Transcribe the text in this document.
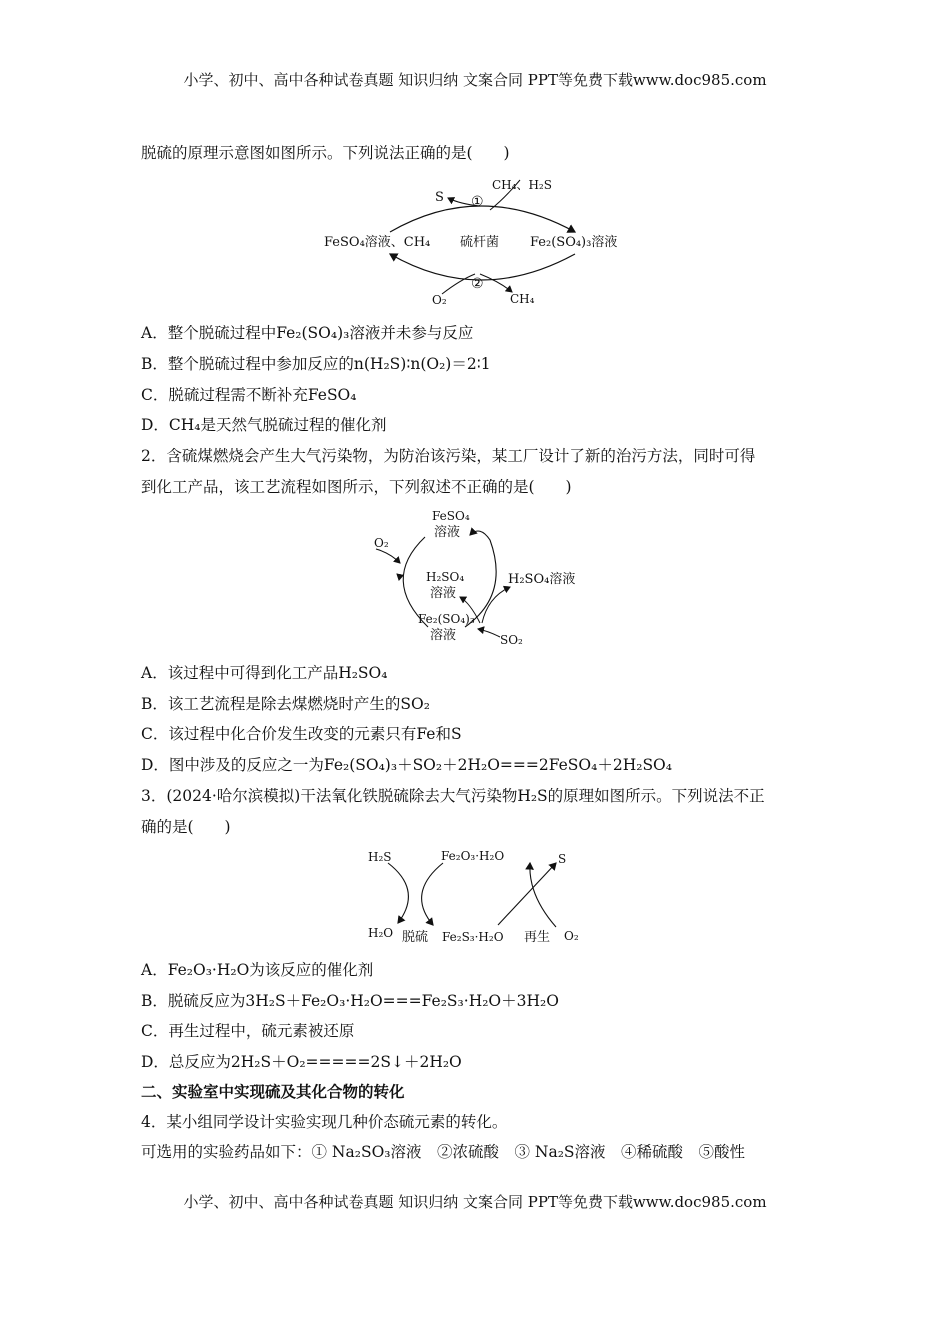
小学、初中、高中各种试卷真题 知识归纳 文案合同 PPT等免费下载www.doc985.com
脱硫的原理示意图如图所示。下列说法正确的是(　　)
S
CH₄、H₂S
①
FeSO₄溶液、CH₄ 硫杆菌 Fe₂(SO₄)₃溶液
②
O₂	CH₄
A．整个脱硫过程中Fe₂(SO₄)₃溶液并未参与反应
B．整个脱硫过程中参加反应的n(H₂S)∶n(O₂)＝2∶1
C．脱硫过程需不断补充FeSO₄
D．CH₄是天然气脱硫过程的催化剂
2．含硫煤燃烧会产生大气污染物，为防治该污染，某工厂设计了新的治污方法，同时可得
到化工产品，该工艺流程如图所示，下列叙述不正确的是(　　)
FeSO₄
溶液
O₂
H₂SO₄
溶液
H₂SO₄溶液
Fe₂(SO₄)₃
溶液	SO₂
A．该过程中可得到化工产品H₂SO₄
B．该工艺流程是除去煤燃烧时产生的SO₂
C．该过程中化合价发生改变的元素只有Fe和S
D．图中涉及的反应之一为Fe₂(SO₄)₃＋SO₂＋2H₂O===2FeSO₄＋2H₂SO₄
3．(2024·哈尔滨模拟)干法氧化铁脱硫除去大气污染物H₂S的原理如图所示。下列说法不正
确的是(　　)
H₂S	Fe₂O₃·H₂O	S
H₂O 脱硫 Fe₂S₃·H₂O 再生 O₂
A．Fe₂O₃·H₂O为该反应的催化剂
B．脱硫反应为3H₂S＋Fe₂O₃·H₂O===Fe₂S₃·H₂O＋3H₂O
C．再生过程中，硫元素被还原
D．总反应为2H₂S＋O₂=====2S↓＋2H₂O
二、实验室中实现硫及其化合物的转化
4．某小组同学设计实验实现几种价态硫元素的转化。
可选用的实验药品如下：① Na₂SO₃溶液　②浓硫酸　③ Na₂S溶液　④稀硫酸　⑤酸性
小学、初中、高中各种试卷真题 知识归纳 文案合同 PPT等免费下载www.doc985.com
